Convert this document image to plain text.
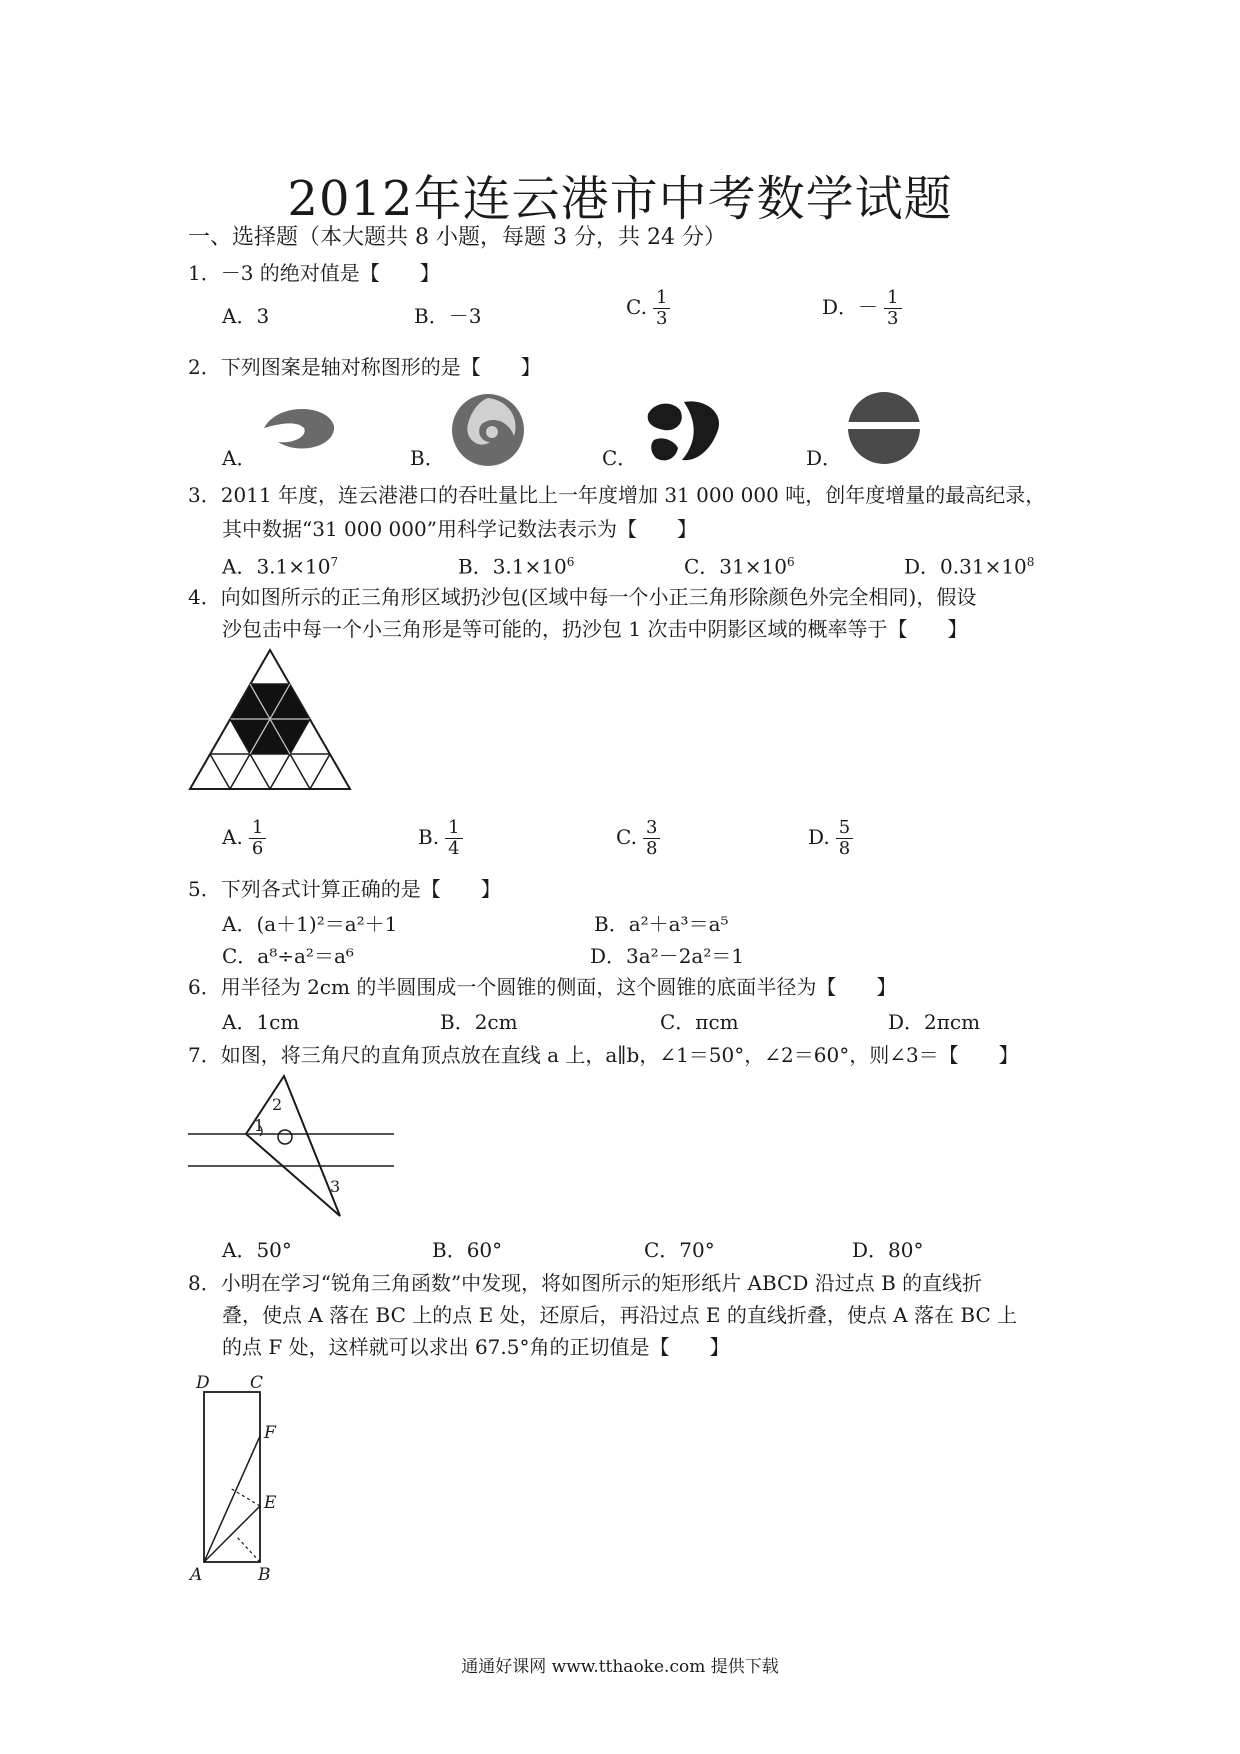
2012年连云港市中考数学试题
一、选择题（本大题共 8 小题，每题 3 分，共 24 分）
1．－3 的绝对值是【　　】
A．3	B．－3	C. $\frac{1}{3}$	D．－ $\frac{1}{3}$
2．下列图案是轴对称图形的是【　　】
A．	B．	C．	D．
3．2011 年度，连云港港口的吞吐量比上一年度增加 31 000 000 吨，创年度增量的最高纪录，
其中数据“31 000 000”用科学记数法表示为【　　】
A．$3.1\times 10^7$	B．$3.1\times 10^6$	C．$31\times 10^6$	D．$0.31\times 10^8$
4．向如图所示的正三角形区域扔沙包(区域中每一个小正三角形除颜色外完全相同)，假设
沙包击中每一个小三角形是等可能的，扔沙包 1 次击中阴影区域的概率等于【　　】
A. $\frac{1}{6}$	B. $\frac{1}{4}$	C. $\frac{3}{8}$	D. $\frac{5}{8}$
5．下列各式计算正确的是【　　】
A．(a＋1)²＝a²＋1	B．a²＋a³＝a⁵
C．a⁸÷a²＝a⁶	D．3a²－2a²＝1
6．用半径为 2cm 的半圆围成一个圆锥的侧面，这个圆锥的底面半径为【　　】
A．1cm	B．2cm	C．πcm	D．2πcm
7．如图，将三角尺的直角顶点放在直线 a 上，a∥b，∠1＝50°，∠2＝60°，则∠3＝【　　】
1
2
3
A．50°	B．60°	C．70°	D．80°
8．小明在学习“锐角三角函数”中发现，将如图所示的矩形纸片 ABCD 沿过点 B 的直线折
叠，使点 A 落在 BC 上的点 E 处，还原后，再沿过点 E 的直线折叠，使点 A 落在 BC 上
的点 F 处，这样就可以求出 67.5°角的正切值是【　　】
D C
F
E
A	B
通通好课网 www.tthaoke.com 提供下载
